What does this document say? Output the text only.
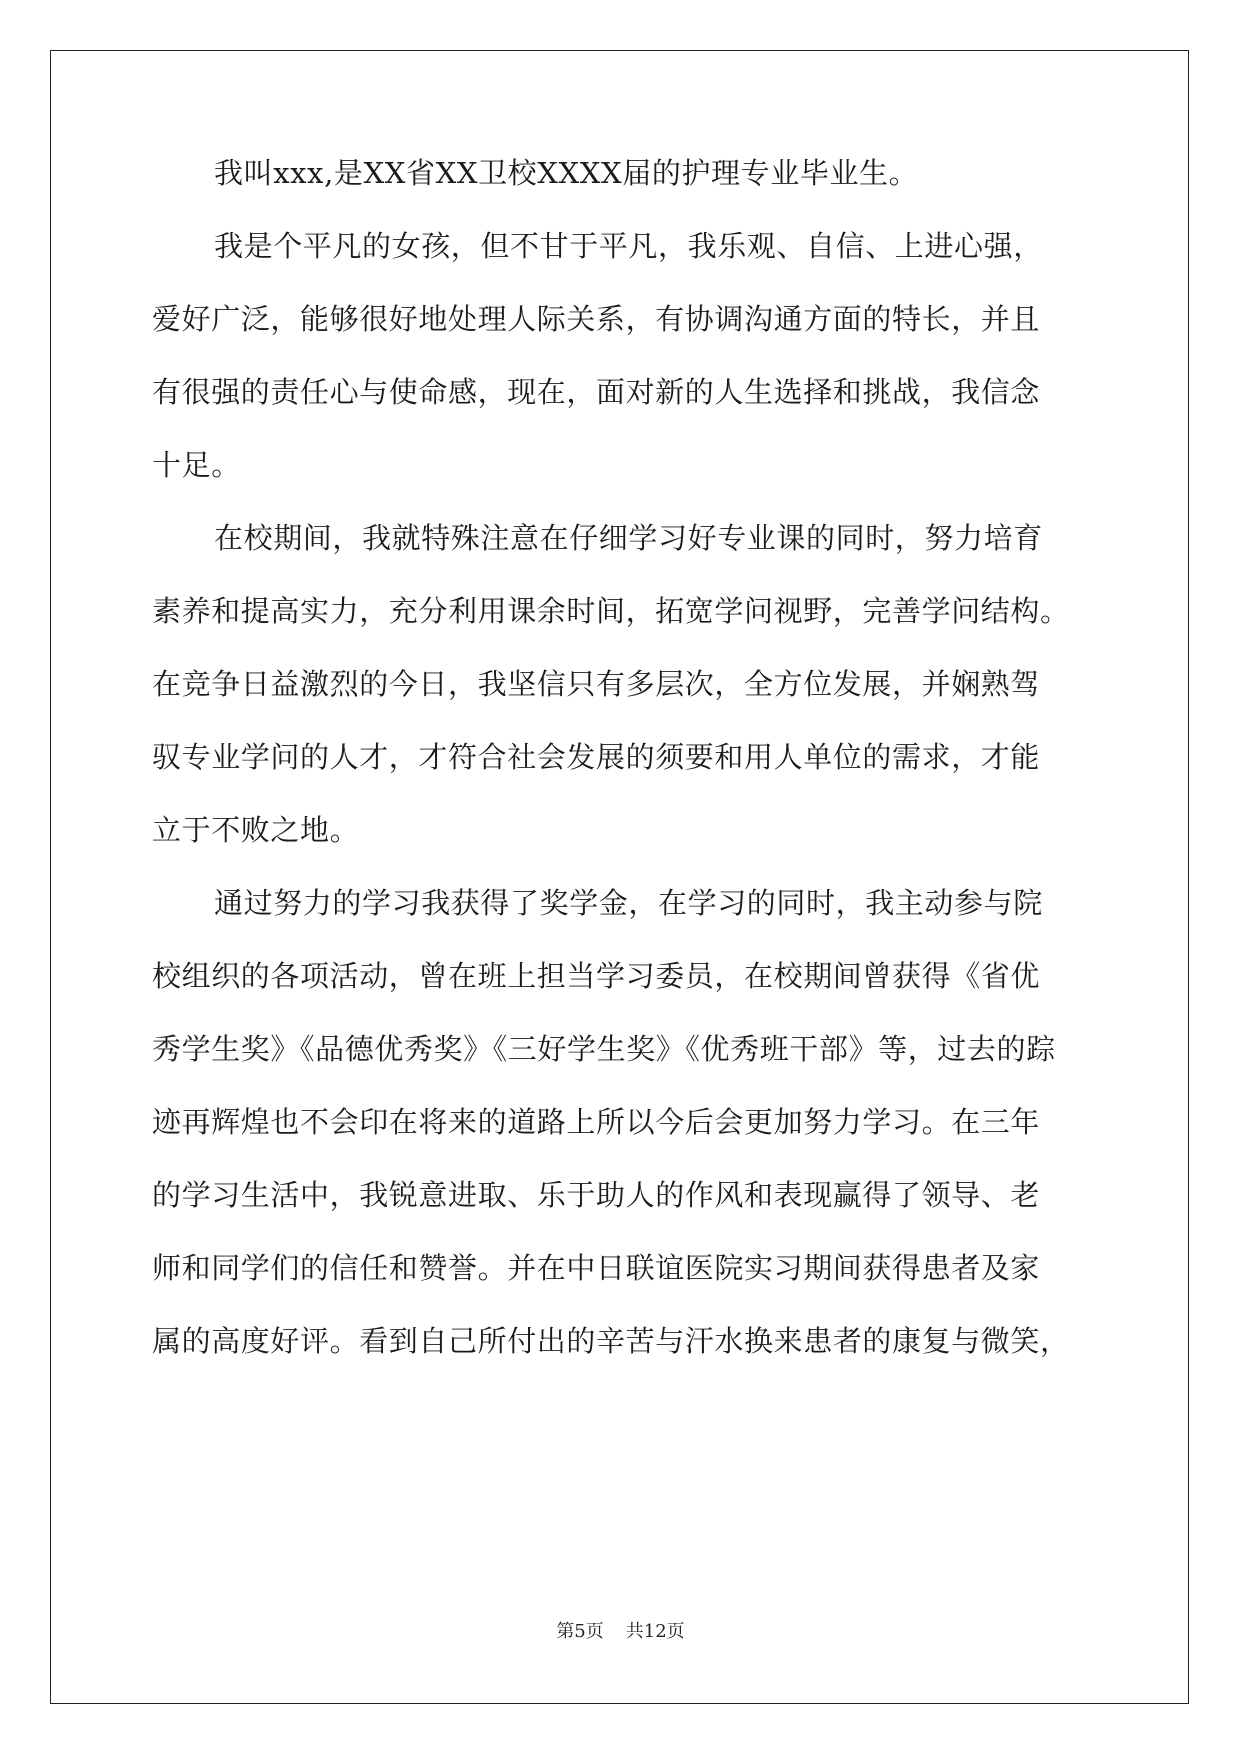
我叫xxx,是XX省XX卫校XXXX届的护理专业毕业生。
我是个平凡的女孩，但不甘于平凡，我乐观、自信、上进心强，
爱好广泛，能够很好地处理人际关系，有协调沟通方面的特长，并且
有很强的责任心与使命感，现在，面对新的人生选择和挑战，我信念
十足。
在校期间，我就特殊注意在仔细学习好专业课的同时，努力培育
素养和提高实力，充分利用课余时间，拓宽学问视野，完善学问结构。
在竞争日益激烈的今日，我坚信只有多层次，全方位发展，并娴熟驾
驭专业学问的人才，才符合社会发展的须要和用人单位的需求，才能
立于不败之地。
通过努力的学习我获得了奖学金，在学习的同时，我主动参与院
校组织的各项活动，曾在班上担当学习委员，在校期间曾获得《省优
秀学生奖》《品德优秀奖》《三好学生奖》《优秀班干部》等，过去的踪
迹再辉煌也不会印在将来的道路上所以今后会更加努力学习。在三年
的学习生活中，我锐意进取、乐于助人的作风和表现赢得了领导、老
师和同学们的信任和赞誉。并在中日联谊医院实习期间获得患者及家
属的高度好评。看到自己所付出的辛苦与汗水换来患者的康复与微笑，
第5页 共12页
